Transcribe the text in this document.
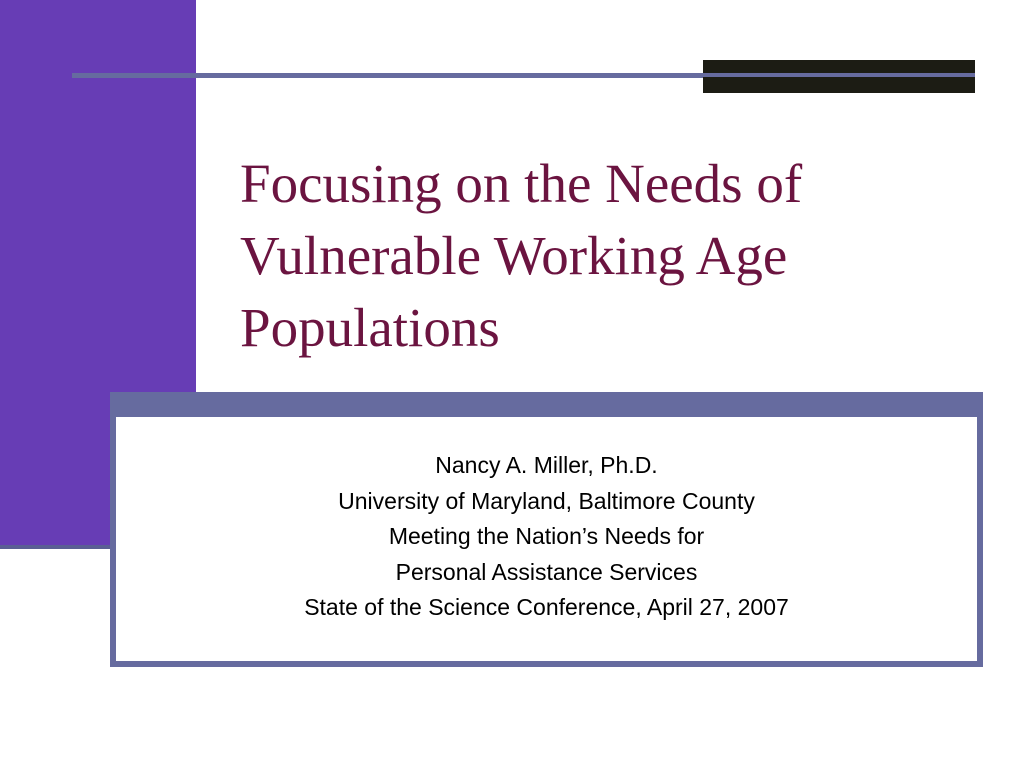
Focusing on the Needs of Vulnerable Working Age Populations
Nancy A. Miller, Ph.D.
University of Maryland, Baltimore County
Meeting the Nation’s Needs for
Personal Assistance Services
State of the Science Conference, April 27, 2007
